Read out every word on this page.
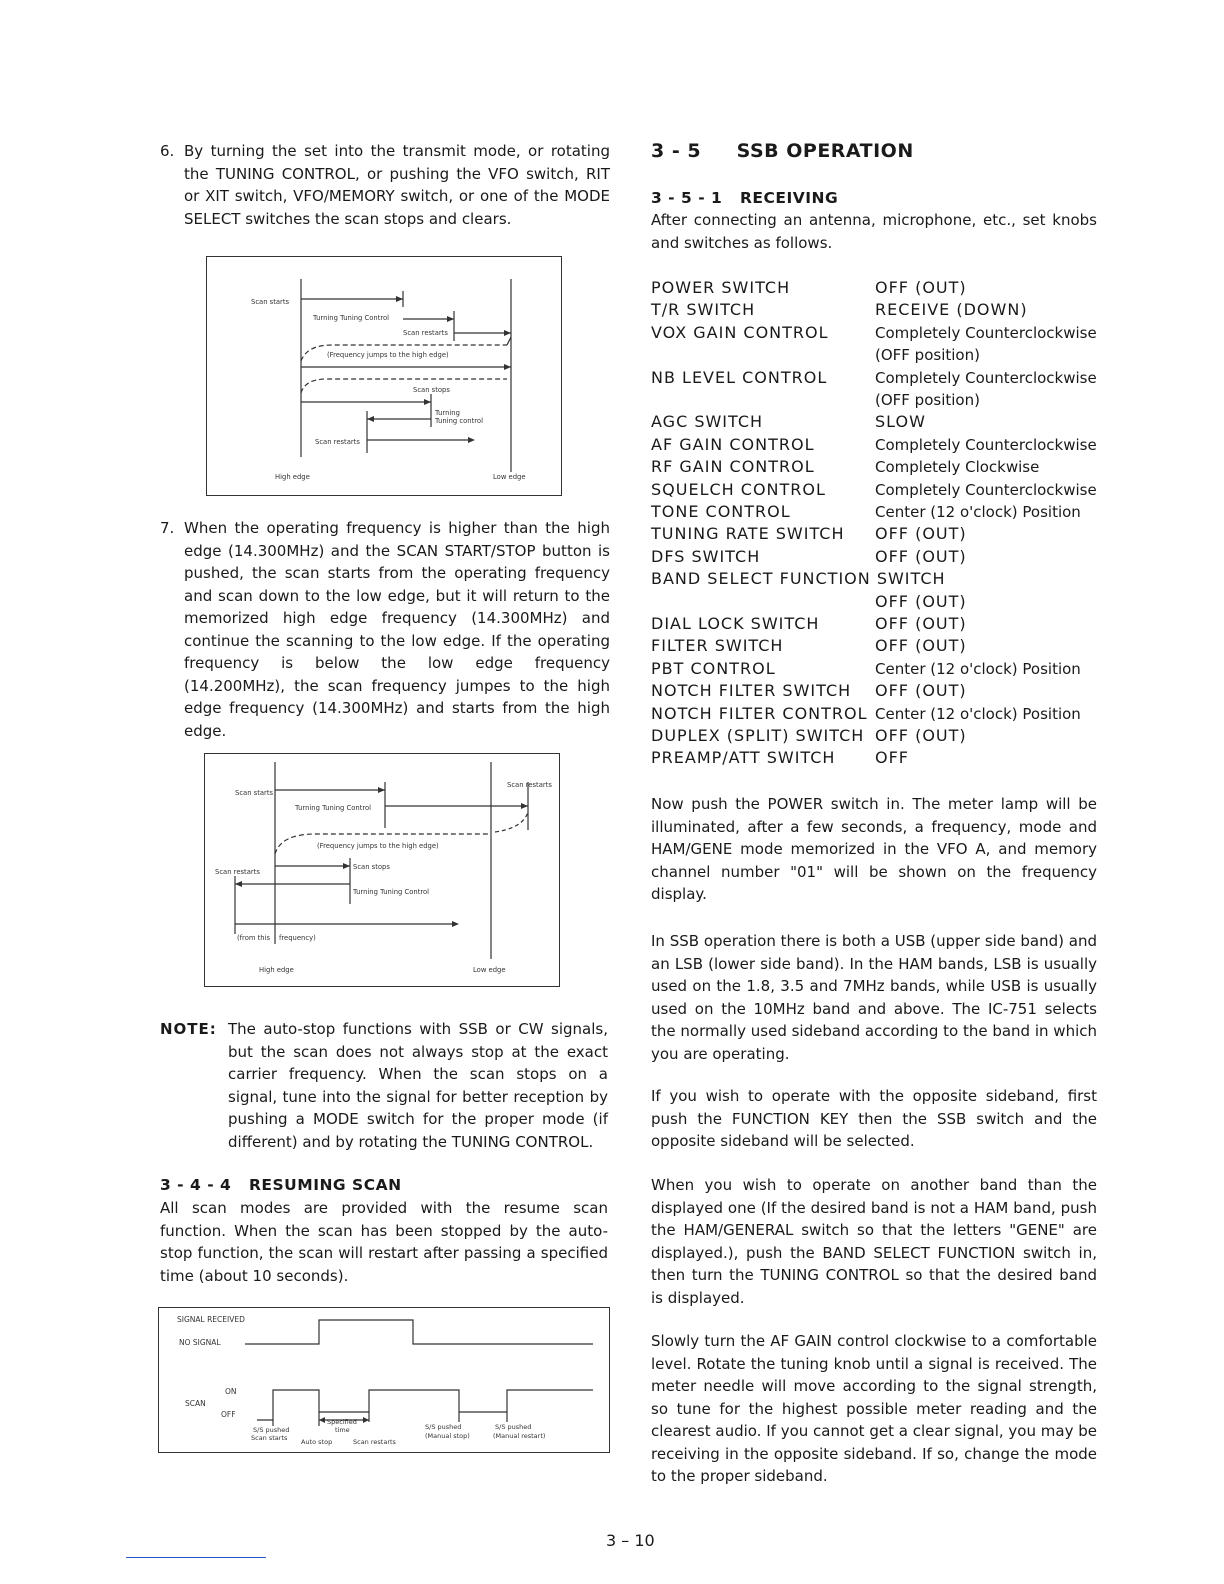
6. By turning the set into the transmit mode, or rotating the TUNING CONTROL, or pushing the VFO switch, RIT or XIT switch, VFO/MEMORY switch, or one of the MODE SELECT switches the scan stops and clears.
Scan starts
Turning Tuning Control
Scan restarts
(Frequency jumps to the high edge)
Scan stops
Turning
Tuning control
Scan restarts
High edge	Low edge
7. When the operating frequency is higher than the high edge (14.300MHz) and the SCAN START/STOP button is pushed, the scan starts from the operating frequency and scan down to the low edge, but it will return to the memorized high edge frequency (14.300MHz) and continue the scanning to the low edge. If the operating frequency is below the low edge frequency (14.200MHz), the scan frequency jumpes to the high edge frequency (14.300MHz) and starts from the high edge.
Scan starts
Scan restarts
Turning Tuning Control
(Frequency jumps to the high edge)
Scan restarts
Scan stops
Turning Tuning Control
(from this frequency)
High edge	Low edge
NOTE: The auto-stop functions with SSB or CW signals, but the scan does not always stop at the exact carrier frequency. When the scan stops on a signal, tune into the signal for better reception by pushing a MODE switch for the proper mode (if different) and by rotating the TUNING CONTROL.
3 - 4 - 4   RESUMING SCAN
All scan modes are provided with the resume scan function. When the scan has been stopped by the auto-stop function, the scan will restart after passing a specified time (about 10 seconds).
SIGNAL RECEIVED
NO SIGNAL
ON
SCAN
OFF
S/S pushed
Scan starts
Specified
time
Auto stop	Scan restarts
S/S pushed
(Manual stop)
S/S pushed
(Manual restart)
3 - 5     SSB OPERATION
3 - 5 - 1   RECEIVING
After connecting an antenna, microphone, etc., set knobs and switches as follows.
POWER SWITCH	OFF (OUT)
T/R SWITCH	RECEIVE (DOWN)
VOX GAIN CONTROL	Completely Counterclockwise
(OFF position)
NB LEVEL CONTROL	Completely Counterclockwise
(OFF position)
AGC SWITCH	SLOW
AF GAIN CONTROL	Completely Counterclockwise
RF GAIN CONTROL	Completely Clockwise
SQUELCH CONTROL	Completely Counterclockwise
TONE CONTROL	Center (12 o'clock) Position
TUNING RATE SWITCH OFF (OUT)
DFS SWITCH	OFF (OUT)
BAND SELECT FUNCTION SWITCH
OFF (OUT)
DIAL LOCK SWITCH	OFF (OUT)
FILTER SWITCH	OFF (OUT)
PBT CONTROL	Center (12 o'clock) Position
NOTCH FILTER SWITCH OFF (OUT)
NOTCH FILTER CONTROL Center (12 o'clock) Position
DUPLEX (SPLIT) SWITCH OFF (OUT)
PREAMP/ATT SWITCH OFF
Now push the POWER switch in. The meter lamp will be illuminated, after a few seconds, a frequency, mode and HAM/GENE mode memorized in the VFO A, and memory channel number "01" will be shown on the frequency display.
In SSB operation there is both a USB (upper side band) and an LSB (lower side band). In the HAM bands, LSB is usually used on the 1.8, 3.5 and 7MHz bands, while USB is usually used on the 10MHz band and above. The IC-751 selects the normally used sideband according to the band in which you are operating.
If you wish to operate with the opposite sideband, first push the FUNCTION KEY then the SSB switch and the opposite sideband will be selected.
When you wish to operate on another band than the displayed one (If the desired band is not a HAM band, push the HAM/GENERAL switch so that the letters "GENE" are displayed.), push the BAND SELECT FUNCTION switch in, then turn the TUNING CONTROL so that the desired band is displayed.
Slowly turn the AF GAIN control clockwise to a comfortable level. Rotate the tuning knob until a signal is received. The meter needle will move according to the signal strength, so tune for the highest possible meter reading and the clearest audio. If you cannot get a clear signal, you may be receiving in the opposite sideband. If so, change the mode to the proper sideband.
3 – 10
